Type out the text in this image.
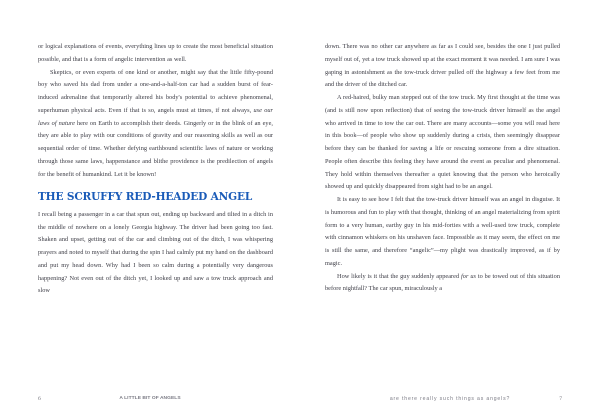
or logical explanations of events, everything lines up to create the most beneficial situation possible, and that is a form of angelic intervention as well.

Skeptics, or even experts of one kind or another, might say that the little fifty-pound boy who saved his dad from under a one-and-a-half-ton car had a sudden burst of fear-induced adrenaline that temporarily altered his body's potential to achieve phenomenal, superhuman physical acts. Even if that is so, angels must at times, if not always, use our laws of nature here on Earth to accomplish their deeds. Gingerly or in the blink of an eye, they are able to play with our conditions of gravity and our reasoning skills as well as our sequential order of time. Whether defying earthbound scientific laws of nature or working through those same laws, happenstance and blithe providence is the predilection of angels for the benefit of humankind. Let it be known!

THE SCRUFFY RED-HEADED ANGEL

I recall being a passenger in a car that spun out, ending up backward and tilted in a ditch in the middle of nowhere on a lonely Georgia highway. The driver had been going too fast. Shaken and upset, getting out of the car and climbing out of the ditch, I was whispering prayers and noted to myself that during the spin I had calmly put my hand on the dashboard and put my head down. Why had I been so calm during a potentially very dangerous happening? Not even out of the ditch yet, I looked up and saw a tow truck approach and slow

6	A LITTLE BIT OF ANGELS

down. There was no other car anywhere as far as I could see, besides the one I just pulled myself out of, yet a tow truck showed up at the exact moment it was needed. I am sure I was gaping in astonishment as the tow-truck driver pulled off the highway a few feet from me and the driver of the ditched car.

A red-haired, bulky man stepped out of the tow truck. My first thought at the time was (and is still now upon reflection) that of seeing the tow-truck driver himself as the angel who arrived in time to tow the car out. There are many accounts—some you will read here in this book—of people who show up suddenly during a crisis, then seemingly disappear before they can be thanked for saving a life or rescuing someone from a dire situation. People often describe this feeling they have around the event as peculiar and phenomenal. They hold within themselves thereafter a quiet knowing that the person who heroically showed up and quickly disappeared from sight had to be an angel.

It is easy to see how I felt that the tow-truck driver himself was an angel in disguise. It is humorous and fun to play with that thought, thinking of an angel materializing from spirit form to a very human, earthy guy in his mid-forties with a well-used tow truck, complete with cinnamon whiskers on his unshaven face. Impossible as it may seem, the effect on me is still the same, and therefore “angelic”—my plight was drastically improved, as if by magic.

How likely is it that the guy suddenly appeared for us to be towed out of this situation before nightfall? The car spun, miraculously a

7
are there really such things as angels?
